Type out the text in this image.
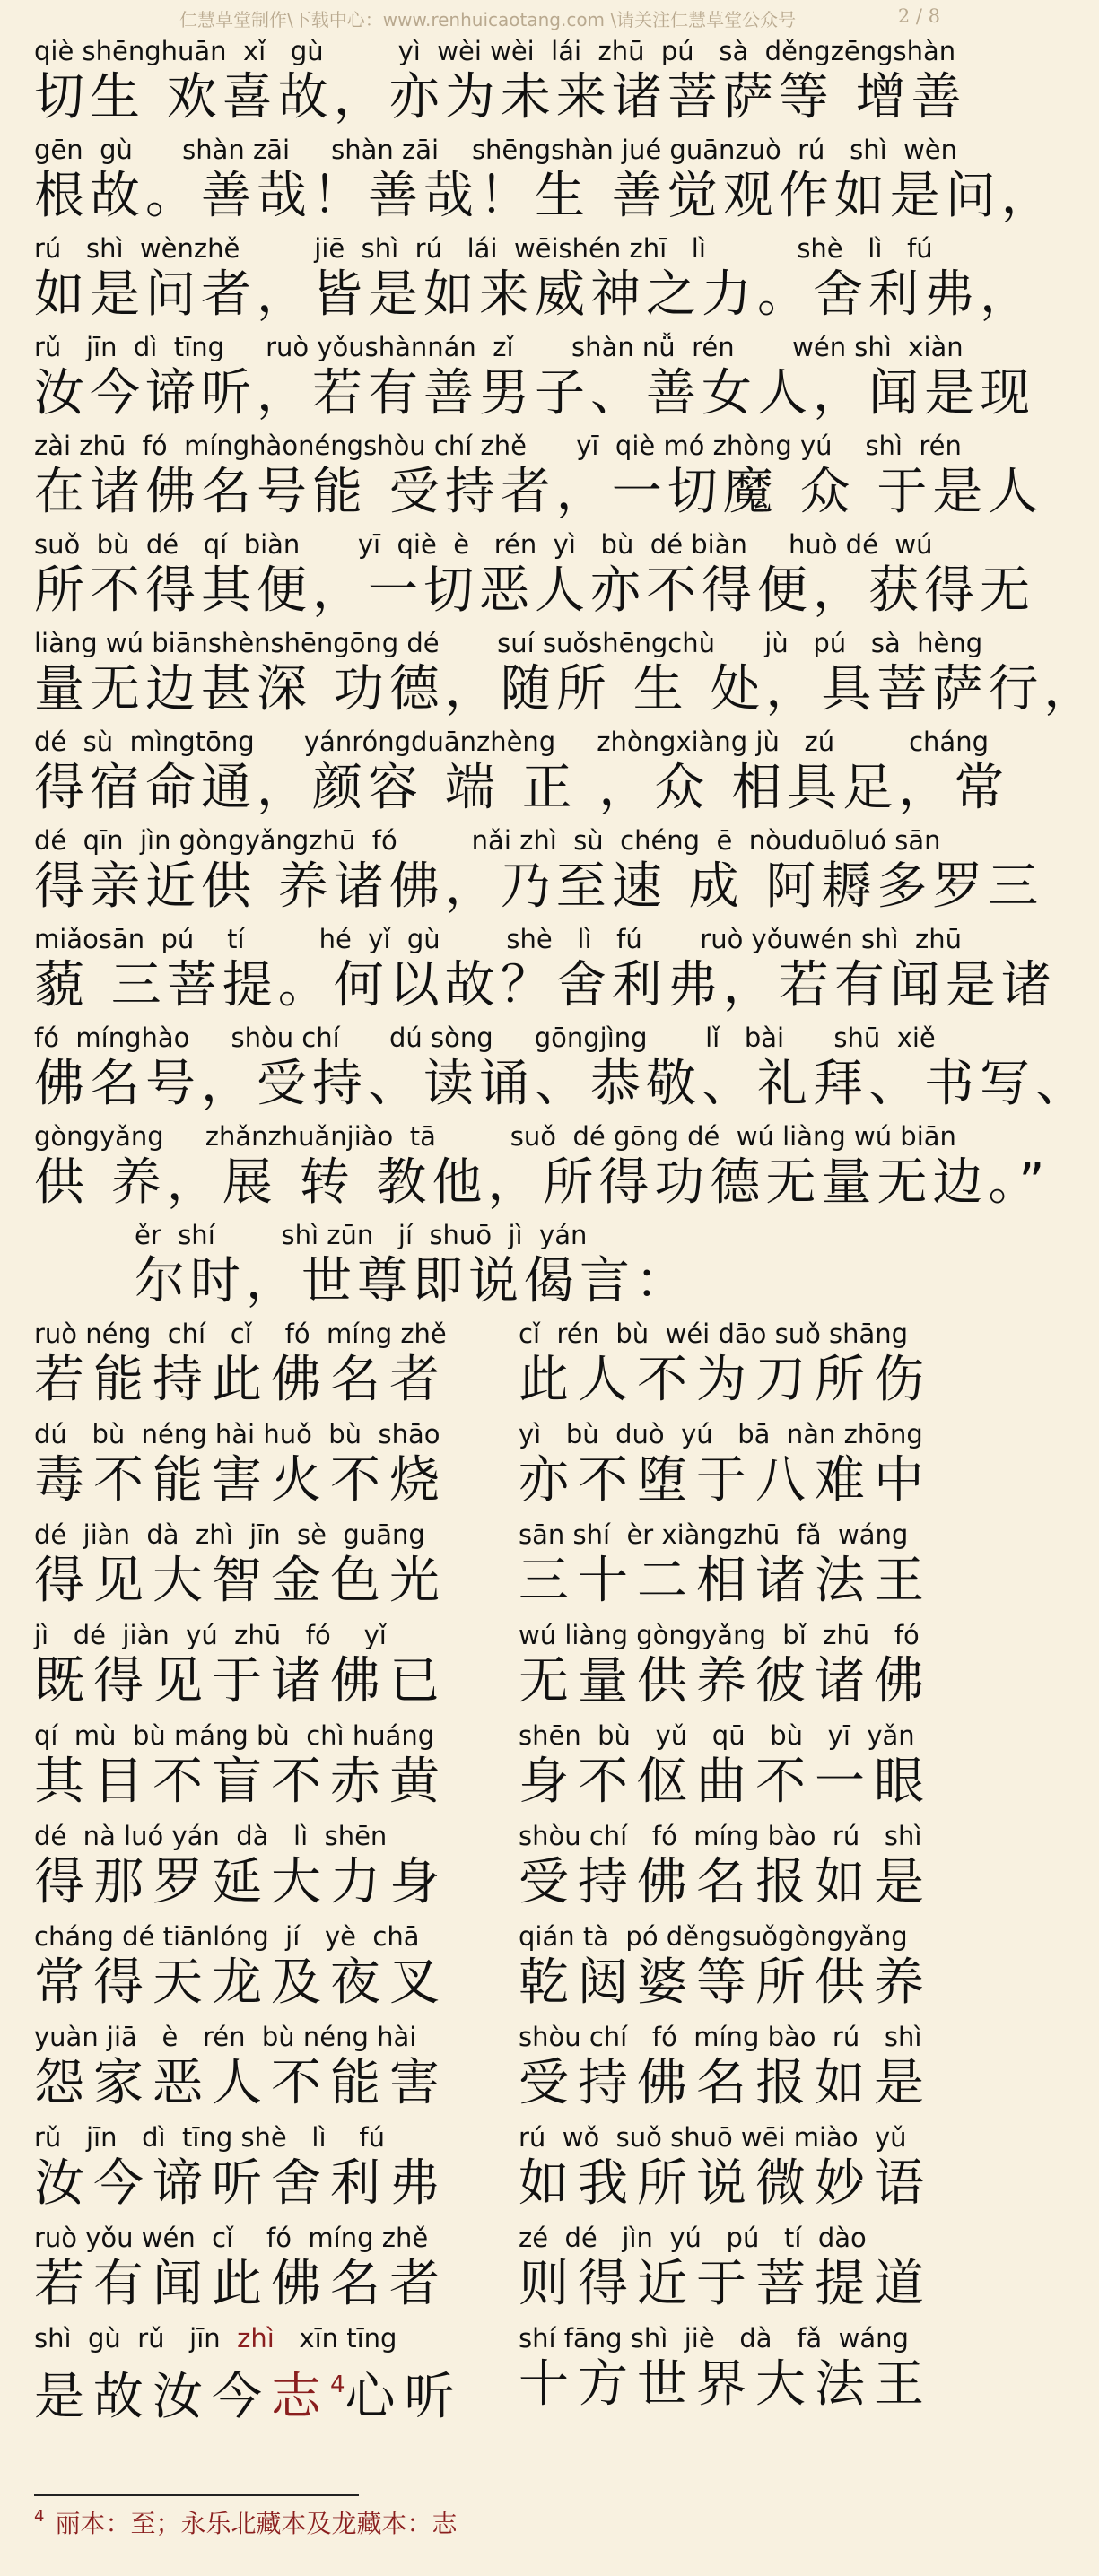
仁慧草堂制作\下载中心：www.renhuicaotang.com \请关注仁慧草堂公众号	2 / 8
qiè shēnghuān  xǐ   gù         yì  wèi wèi  lái  zhū  pú   sà  děngzēngshàn
切生 欢喜故，亦为未来诸菩萨等 增善
gēn  gù      shàn zāi     shàn zāi    shēngshàn jué guānzuò  rú   shì  wèn
根故。善哉！善哉！生 善觉观作如是问，
rú   shì  wènzhě         jiē  shì  rú   lái  wēishén zhī   lì           shè   lì   fú
如是问者，皆是如来威神之力。舍利弗，
rǔ   jīn  dì  tīng     ruò yǒushànnán  zǐ       shàn nǚ  rén       wén shì  xiàn
汝今谛听，若有善男子、善女人，闻是现
zài zhū  fó  mínghàonéngshòu chí zhě      yī  qiè mó zhòng yú    shì  rén
在诸佛名号能 受持者，一切魔 众 于是人
suǒ  bù  dé   qí  biàn       yī  qiè  è   rén  yì   bù  dé biàn     huò dé  wú
所不得其便，一切恶人亦不得便，获得无
liàng wú biānshènshēngōng dé       suí suǒshēngchù      jù   pú   sà  hèng
量无边甚深 功德，随所 生 处，具菩萨行，
dé  sù  mìngtōng      yánróngduānzhèng     zhòngxiàng jù   zú         cháng
得宿命通，颜容 端 正 ，众 相具足，常
dé  qīn  jìn gòngyǎngzhū  fó         nǎi zhì  sù  chéng  ē  nòuduōluó sān
得亲近供 养诸佛，乃至速 成 阿耨多罗三
miǎosān  pú    tí         hé  yǐ  gù        shè   lì   fú       ruò yǒuwén shì  zhū
藐 三菩提。何以故？舍利弗，若有闻是诸
fó  mínghào     shòu chí      dú sòng     gōngjìng       lǐ   bài      shū  xiě
佛名号，受持、读诵、恭敬、礼拜、书写、
gòngyǎng     zhǎnzhuǎnjiào  tā         suǒ  dé gōng dé  wú liàng wú biān
供 养，展 转 教他，所得功德无量无边。”
ěr  shí        shì zūn   jí  shuō  jì  yán
尔时，世尊即说偈言：
ruò néng  chí   cǐ    fó  míng zhě
若能持此佛名者
cǐ  rén  bù  wéi dāo suǒ shāng
此人不为刀所伤
dú   bù  néng hài huǒ  bù  shāo
毒不能害火不烧
yì   bù  duò  yú   bā  nàn zhōng
亦不堕于八难中
dé  jiàn  dà  zhì  jīn  sè  guāng
得见大智金色光
sān shí  èr xiàngzhū  fǎ  wáng
三十二相诸法王
jì   dé  jiàn  yú  zhū   fó    yǐ
既得见于诸佛已
wú liàng gòngyǎng  bǐ  zhū   fó
无量供养彼诸佛
qí  mù  bù máng bù  chì huáng
其目不盲不赤黄
shēn  bù   yǔ   qū   bù   yī  yǎn
身不伛曲不一眼
dé  nà luó yán  dà   lì  shēn
得那罗延大力身
shòu chí   fó  míng bào  rú   shì
受持佛名报如是
cháng dé tiānlóng  jí   yè  chā
常得天龙及夜叉
qián tà  pó děngsuǒgòngyǎng
乾闼婆等所供养
yuàn jiā   è   rén  bù néng hài
怨家恶人不能害
shòu chí   fó  míng bào  rú   shì
受持佛名报如是
rǔ   jīn   dì  tīng shè   lì    fú
汝今谛听舍利弗
rú  wǒ  suǒ shuō wēi miào  yǔ
如我所说微妙语
ruò yǒu wén  cǐ    fó  míng zhě
若有闻此佛名者
zé  dé   jìn  yú   pú   tí  dào
则得近于菩提道
shì  gù  rǔ   jīn  zhì   xīn tīng
是故汝今志$^4$心听
shí fāng shì  jiè   dà   fǎ  wáng
十方世界大法王
$^4$ 丽本：至；永乐北藏本及龙藏本：志
